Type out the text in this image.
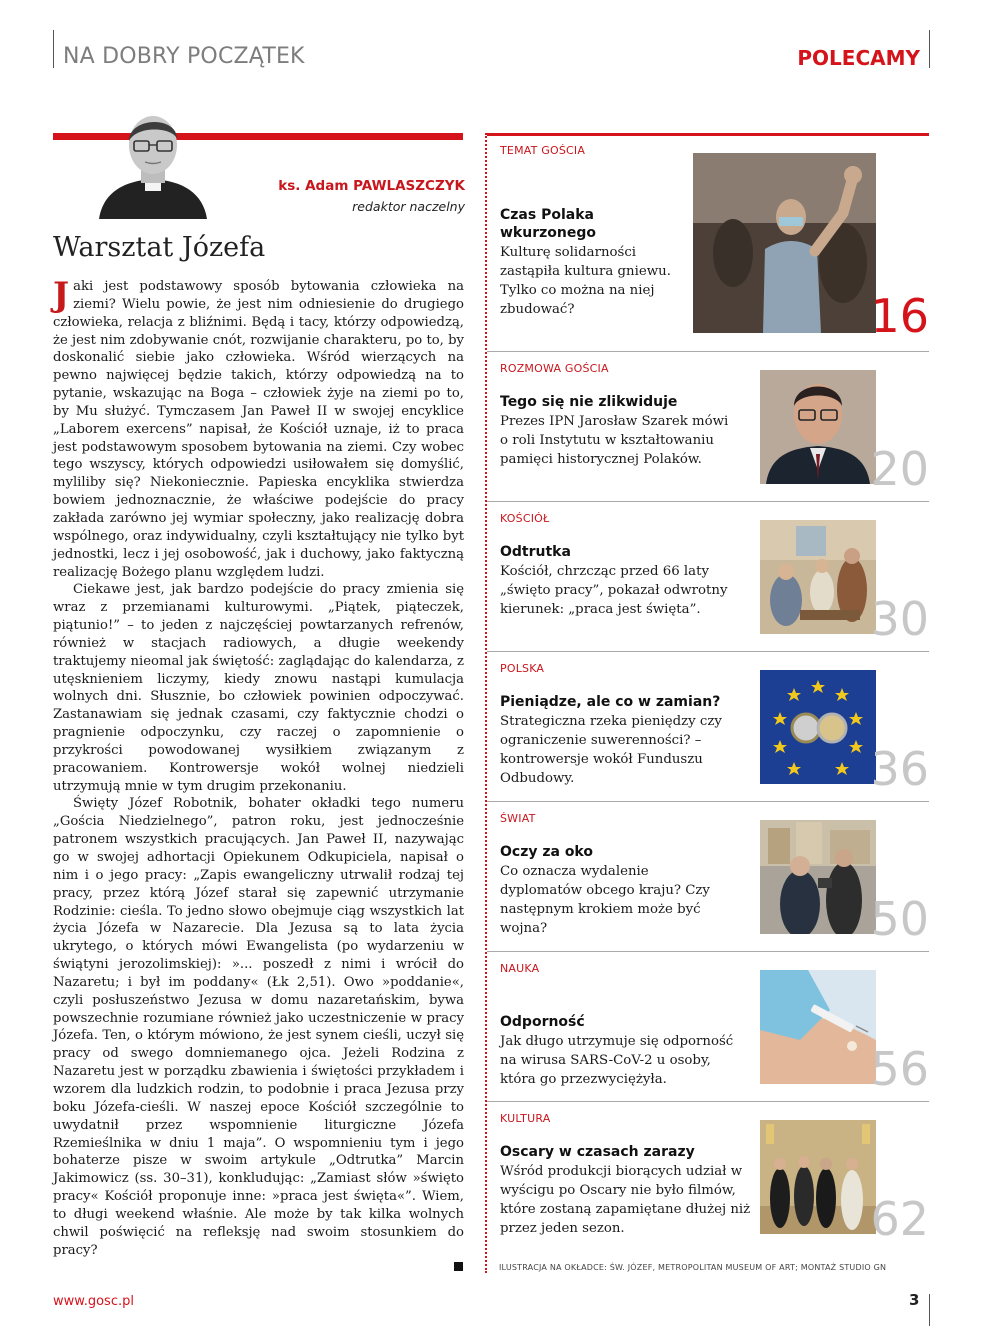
NA DOBRY POCZĄTEK	POLECAMY
ks. Adam PAWLASZCZYK
redaktor naczelny
Warsztat Józefa

Jaki jest podstawowy sposób bytowania człowieka na ziemi? Wielu powie, że jest nim odniesienie do drugiego człowieka, relacja z bliźnimi. Będą i tacy, którzy odpowiedzą, że jest nim zdobywanie cnót, rozwijanie charakteru, po to, by doskonalić siebie jako człowieka. Wśród wierzących na pewno najwięcej będzie takich, którzy odpowiedzą na to pytanie, wskazując na Boga – człowiek żyje na ziemi po to, by Mu służyć. Tymczasem Jan Paweł II w swojej encyklice „Laborem exercens” napisał, że Kościół uznaje, iż to praca jest podstawowym sposobem bytowania na ziemi. Czy wobec tego wszyscy, których odpowiedzi usiłowałem się domyślić, myliliby się? Niekoniecznie. Papieska encyklika stwierdza bowiem jednoznacznie, że właściwe podejście do pracy zakłada zarówno jej wymiar społeczny, jako realizację dobra wspólnego, oraz indywidualny, czyli kształtujący nie tylko byt jednostki, lecz i jej osobowość, jak i duchowy, jako faktyczną realizację Bożego planu względem ludzi.

Ciekawe jest, jak bardzo podejście do pracy zmienia się wraz z przemianami kulturowymi. „Piątek, piąteczek, piątunio!” – to jeden z najczęściej powtarzanych refrenów, również w stacjach radiowych, a długie weekendy traktujemy nieomal jak świętość: zaglądając do kalendarza, z utęsknieniem liczymy, kiedy znowu nastąpi kumulacja wolnych dni. Słusznie, bo człowiek powinien odpoczywać. Zastanawiam się jednak czasami, czy faktycznie chodzi o pragnienie odpoczynku, czy raczej o zapomnienie o przykrości powodowanej wysiłkiem związanym z pracowaniem. Kontrowersje wokół wolnej niedzieli utrzymują mnie w tym drugim przekonaniu.

Święty Józef Robotnik, bohater okładki tego numeru „Gościa Niedzielnego”, patron roku, jest jednocześnie patronem wszystkich pracujących. Jan Paweł II, nazywając go w swojej adhortacji Opiekunem Odkupiciela, napisał o nim i o jego pracy: „Zapis ewangeliczny utrwalił rodzaj tej pracy, przez którą Józef starał się zapewnić utrzymanie Rodzinie: cieśla. To jedno słowo obejmuje ciąg wszystkich lat życia Józefa w Nazarecie. Dla Jezusa są to lata życia ukrytego, o których mówi Ewangelista (po wydarzeniu w świątyni jerozolimskiej): »... poszedł z nimi i wrócił do Nazaretu; i był im poddany« (Łk 2,51). Owo »poddanie«, czyli posłuszeństwo Jezusa w domu nazaretańskim, bywa powszechnie rozumiane również jako uczestniczenie w pracy Józefa. Ten, o którym mówiono, że jest synem cieśli, uczył się pracy od swego domniemanego ojca. Jeżeli Rodzina z Nazaretu jest w porządku zbawienia i świętości przykładem i wzorem dla ludzkich rodzin, to podobnie i praca Jezusa przy boku Józefa-cieśli. W naszej epoce Kościół szczególnie to uwydatnił przez wspomnienie liturgiczne Józefa Rzemieślnika w dniu 1 maja”. O wspomnieniu tym i jego bohaterze pisze w swoim artykule „Odtrutka” Marcin Jakimowicz (ss. 30–31), konkludując: „Zamiast słów »święto pracy« Kościół proponuje inne: »praca jest święta«”. Wiem, to długi weekend właśnie. Ale może by tak kilka wolnych chwil poświęcić na refleksję nad swoim stosunkiem do pracy?

TEMAT GOŚCIA
Czas Polaka wkurzonego
Kulturę solidarności zastąpiła kultura gniewu. Tylko co można na niej zbudować?	16
ROZMOWA GOŚCIA
Tego się nie zlikwiduje
Prezes IPN Jarosław Szarek mówi o roli Instytutu w kształtowaniu pamięci historycznej Polaków.	20
KOŚCIÓŁ
Odtrutka
Kościół, chrzcząc przed 66 laty „święto pracy”, pokazał odwrotny kierunek: „praca jest święta”.	30
POLSKA
Pieniądze, ale co w zamian?
Strategiczna rzeka pieniędzy czy ograniczenie suwerenności? – kontrowersje wokół Funduszu Odbudowy.	36
ŚWIAT
Oczy za oko
Co oznacza wydalenie dyplomatów obcego kraju? Czy następnym krokiem może być wojna?	50
NAUKA
Odporność
Jak długo utrzymuje się odporność na wirusa SARS-CoV-2 u osoby, która go przezwyciężyła.	56
KULTURA
Oscary w czasach zarazy
Wśród produkcji biorących udział w wyścigu po Oscary nie było filmów, które zostaną zapamiętane dłużej niż przez jeden sezon.	62
ILUSTRACJA NA OKŁADCE: ŚW. JÓZEF, METROPOLITAN MUSEUM OF ART; MONTAŻ STUDIO GN
www.gosc.pl	3
